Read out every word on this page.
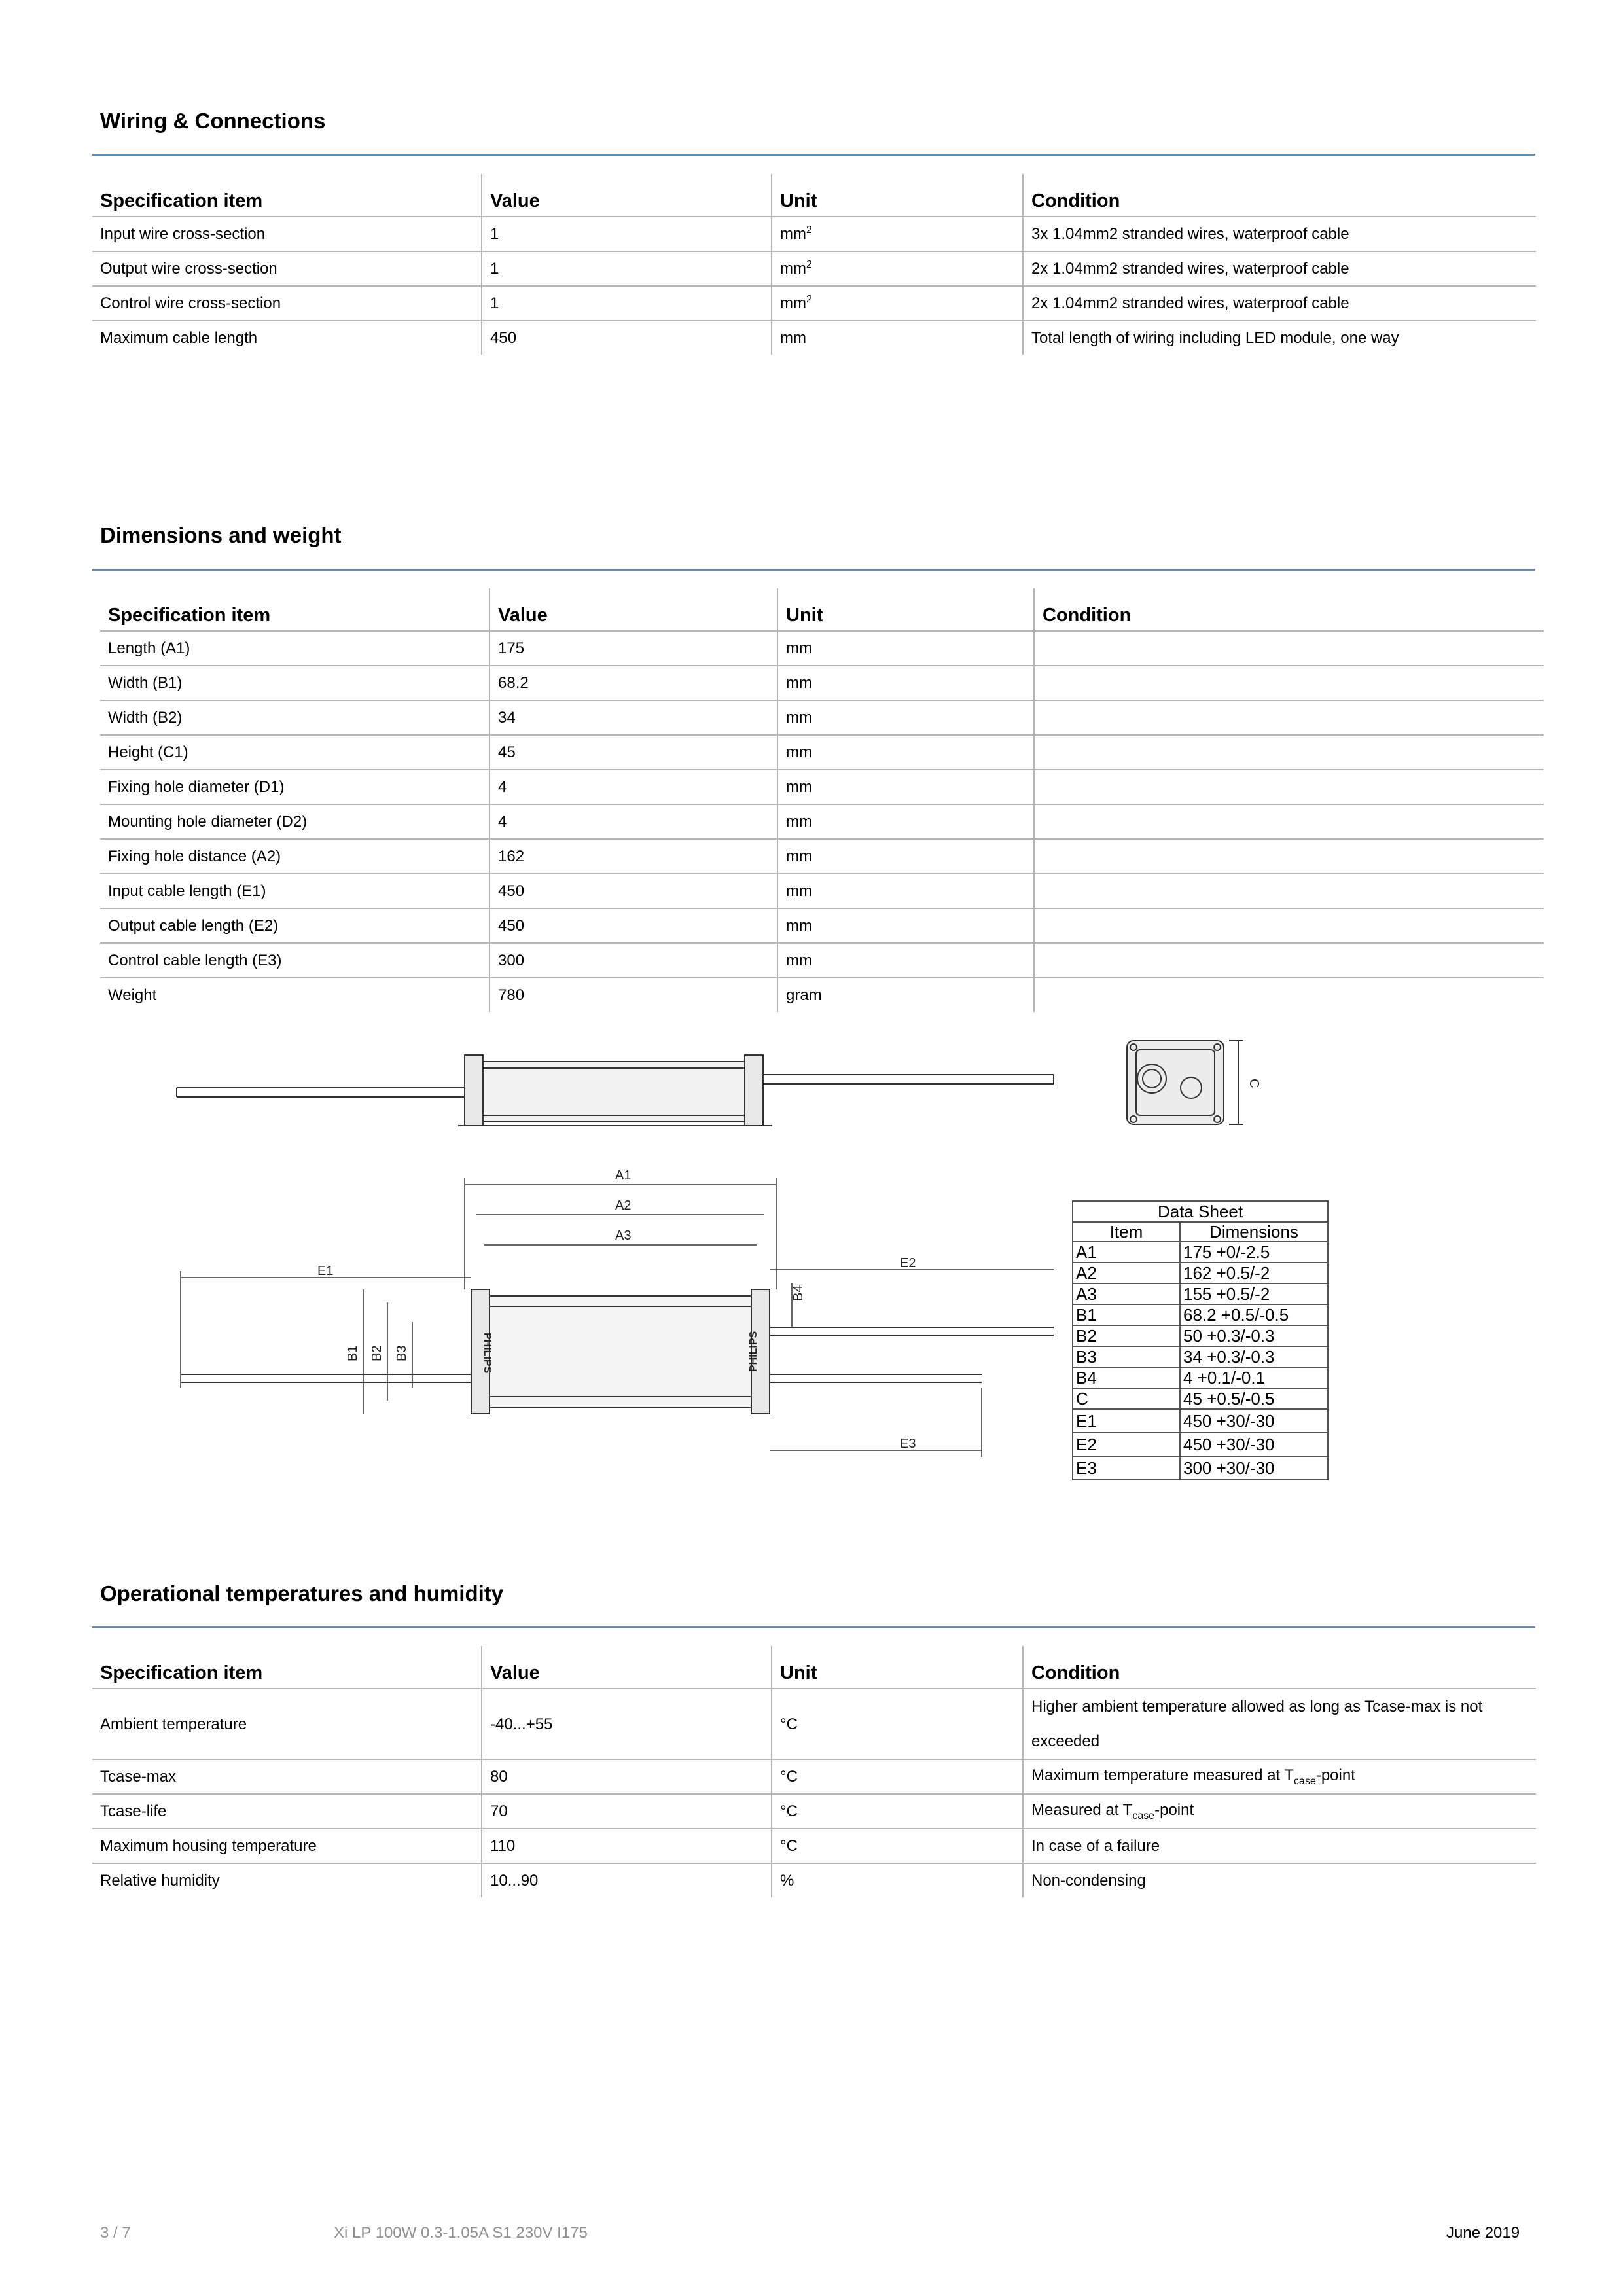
Wiring & Connections
Specification item	Value	Unit	Condition
Input wire cross-section	1	$mm^2$	3x 1.04mm2 stranded wires, waterproof cable
Output wire cross-section	1	$mm^2$	2x 1.04mm2 stranded wires, waterproof cable
Control wire cross-section	1	$mm^2$	2x 1.04mm2 stranded wires, waterproof cable
Maximum cable length	450	mm	Total length of wiring including LED module, one way
Dimensions and weight
Specification item	Value	Unit	Condition
Length (A1)	175	mm	
Width (B1)	68.2	mm	
Width (B2)	34	mm	
Height (C1)	45	mm	
Fixing hole diameter (D1)	4	mm	
Mounting hole diameter (D2)	4	mm	
Fixing hole distance (A2)	162	mm	
Input cable length (E1)	450	mm	
Output cable length (E2)	450	mm	
Control cable length (E3)	300	mm	
Weight	780	gram	
A1
A2
A3
E1
E2
E3
B1 B2 B3
B4
C
PHILIPS	PHILIPS
Data Sheet	
Item	Dimensions
A1	175 +0/-2.5
A2	162 +0.5/-2
A3	155 +0.5/-2
B1	68.2 +0.5/-0.5
B2	50 +0.3/-0.3
B3	34 +0.3/-0.3
B4	4 +0.1/-0.1
C	45 +0.5/-0.5
E1	450 +30/-30
E2	450 +30/-30
E3	300 +30/-30
Operational temperatures and humidity
Specification item	Value	Unit	Condition
Ambient temperature	-40...+55	°C	Higher ambient temperature allowed as long as Tcase-max is not exceeded
Tcase-max	80	°C	Maximum temperature measured at $T_{case}$-point
Tcase-life	70	°C	Measured at $T_{case}$-point
Maximum housing temperature	110	°C	In case of a failure
Relative humidity	10...90	%	Non-condensing
3 / 7	Xi LP 100W 0.3-1.05A S1 230V I175	June 2019
